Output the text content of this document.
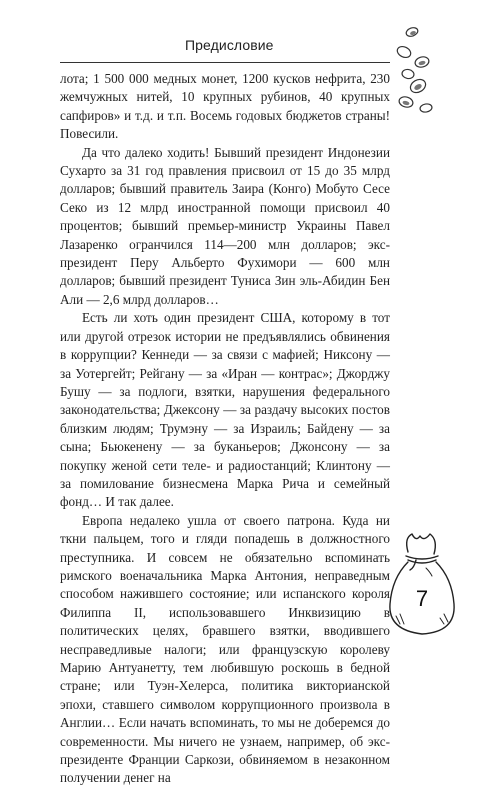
Предисловие

лота; 1 500 000 медных монет, 1200 кусков нефрита, 230 жемчужных нитей, 10 крупных рубинов, 40 крупных сапфиров» и т.д. и т.п. Восемь годовых бюджетов страны! Повесили.

Да что далеко ходить! Бывший президент Индонезии Сухарто за 31 год правления присвоил от 15 до 35 млрд долларов; бывший правитель Заира (Конго) Мобуто Сесе Секо из 12 млрд иностранной помощи присвоил 40 процентов; бывший премьер-министр Украины Павел Лазаренко огранчился 114—200 млн долларов; экс-президент Перу Альберто Фухимори — 600 млн долларов; бывший президент Туниса Зин эль-Абидин Бен Али — 2,6 млрд долларов…

Есть ли хоть один президент США, которому в тот или другой отрезок истории не предъявлялись обвинения в коррупции? Кеннеди — за связи с мафией; Никсону — за Уотергейт; Рейгану — за «Иран — контрас»; Джорджу Бушу — за подлоги, взятки, нарушения федерального законодательства; Джексону — за раздачу высоких постов близким людям; Трумэну — за Израиль; Байдену — за сына; Бьюкенену — за буканьеров; Джонсону — за покупку женой сети теле- и радиостанций; Клинтону — за помилование бизнесмена Марка Рича и семейный фонд… И так далее.

Европа недалеко ушла от своего патрона. Куда ни ткни пальцем, того и гляди попадешь в должностного преступника. И совсем не обязательно вспоминать римского военачальника Марка Антония, неправедным способом нажившего состояние; или испанского короля Филиппа II, использовавшего Инквизицию в политических целях, бравшего взятки, вводившего несправедливые налоги; или французскую королеву Марию Антуанетту, тем любившую роскошь в бедной стране; или Туэн-Хелерса, политика викторианской эпохи, ставшего символом коррупционного произвола в Англии… Если начать вспоминать, то мы не доберемся до современности. Мы ничего не узнаем, например, об экс-президенте Франции Саркози, обвиняемом в незаконном получении денег на

7
